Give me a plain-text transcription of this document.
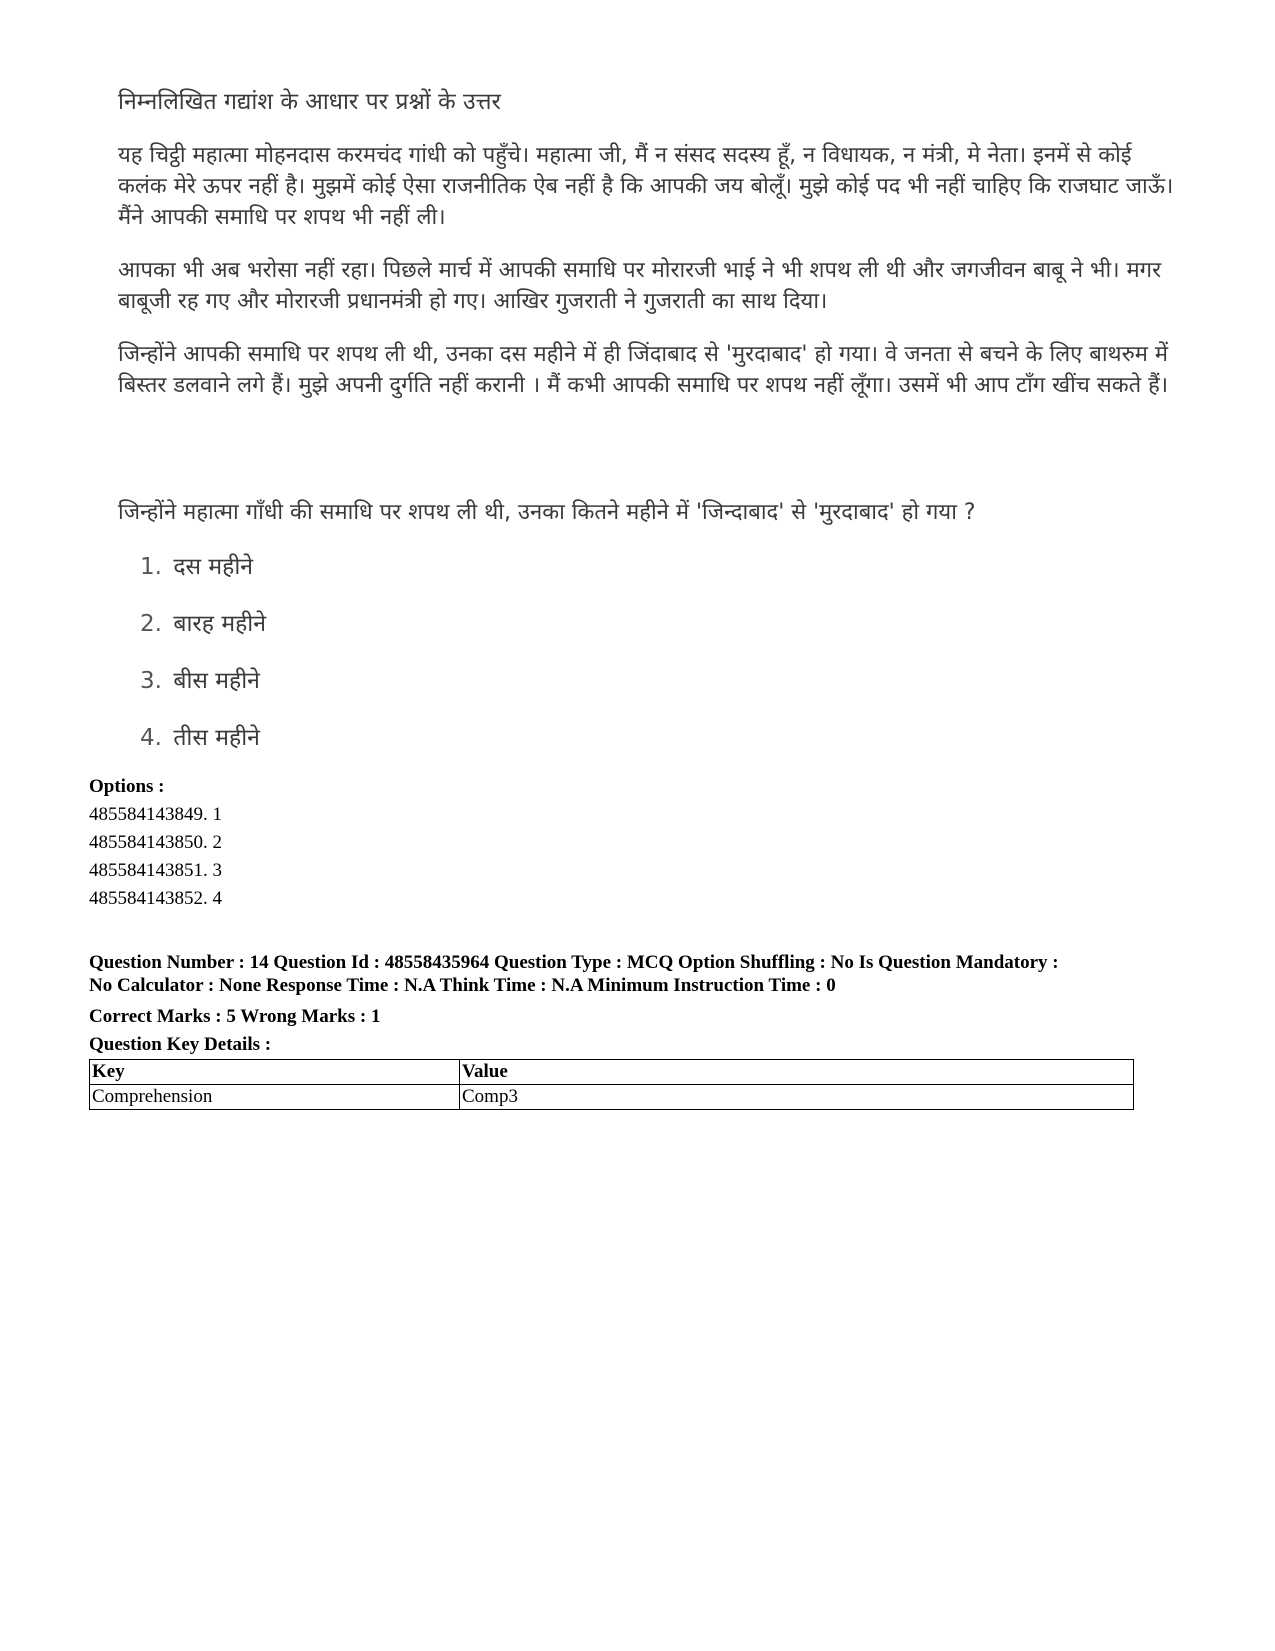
निम्नलिखित गद्यांश के आधार पर प्रश्नों के उत्तर

यह चिट्ठी महात्मा मोहनदास करमचंद गांधी को पहुँचे। महात्मा जी, मैं न संसद सदस्य हूँ, न विधायक, न मंत्री, मे नेता। इनमें से कोई कलंक मेरे ऊपर नहीं है। मुझमें कोई ऐसा राजनीतिक ऐब नहीं है कि आपकी जय बोलूँ। मुझे कोई पद भी नहीं चाहिए कि राजघाट जाऊँ। मैंने आपकी समाधि पर शपथ भी नहीं ली।

आपका भी अब भरोसा नहीं रहा। पिछले मार्च में आपकी समाधि पर मोरारजी भाई ने भी शपथ ली थी और जगजीवन बाबू ने भी। मगर बाबूजी रह गए और मोरारजी प्रधानमंत्री हो गए। आखिर गुजराती ने गुजराती का साथ दिया।

जिन्होंने आपकी समाधि पर शपथ ली थी, उनका दस महीने में ही जिंदाबाद से 'मुरदाबाद' हो गया। वे जनता से बचने के लिए बाथरुम में बिस्तर डलवाने लगे हैं। मुझे अपनी दुर्गति नहीं करानी । मैं कभी आपकी समाधि पर शपथ नहीं लूँगा। उसमें भी आप टाँग खींच सकते हैं।

जिन्होंने महात्मा गाँधी की समाधि पर शपथ ली थी, उनका कितने महीने में 'जिन्दाबाद' से 'मुरदाबाद' हो गया ?
1. दस महीने
2. बारह महीने
3. बीस महीने
4. तीस महीने
Options :
485584143849. 1
485584143850. 2
485584143851. 3
485584143852. 4
Question Number : 14 Question Id : 48558435964 Question Type : MCQ Option Shuffling : No Is Question Mandatory :
No Calculator : None Response Time : N.A Think Time : N.A Minimum Instruction Time : 0
Correct Marks : 5 Wrong Marks : 1
Question Key Details :
Key	Value
Comprehension	Comp3
